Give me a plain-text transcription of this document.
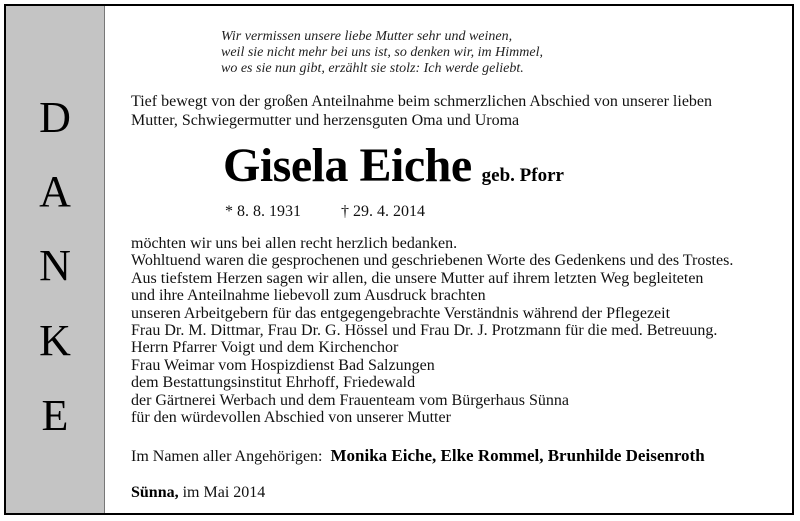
D
A
N
K
E
Wir vermissen unsere liebe Mutter sehr und weinen,
weil sie nicht mehr bei uns ist, so denken wir, im Himmel,
wo es sie nun gibt, erzählt sie stolz: Ich werde geliebt.
Tief bewegt von der großen Anteilnahme beim schmerzlichen Abschied von unserer lieben
Mutter, Schwiegermutter und herzensguten Oma und Uroma
Gisela Eiche geb. Pforr
* 8. 8. 1931	† 29. 4. 2014
möchten wir uns bei allen recht herzlich bedanken.
Wohltuend waren die gesprochenen und geschriebenen Worte des Gedenkens und des Trostes.
Aus tiefstem Herzen sagen wir allen, die unsere Mutter auf ihrem letzten Weg begleiteten
und ihre Anteilnahme liebevoll zum Ausdruck brachten
unseren Arbeitgebern für das entgegengebrachte Verständnis während der Pflegezeit
Frau Dr. M. Dittmar, Frau Dr. G. Hössel und Frau Dr. J. Protzmann für die med. Betreuung.
Herrn Pfarrer Voigt und dem Kirchenchor
Frau Weimar vom Hospizdienst Bad Salzungen
dem Bestattungsinstitut Ehrhoff, Friedewald
der Gärtnerei Werbach und dem Frauenteam vom Bürgerhaus Sünna
für den würdevollen Abschied von unserer Mutter
Im Namen aller Angehörigen: Monika Eiche, Elke Rommel, Brunhilde Deisenroth
Sünna, im Mai 2014
